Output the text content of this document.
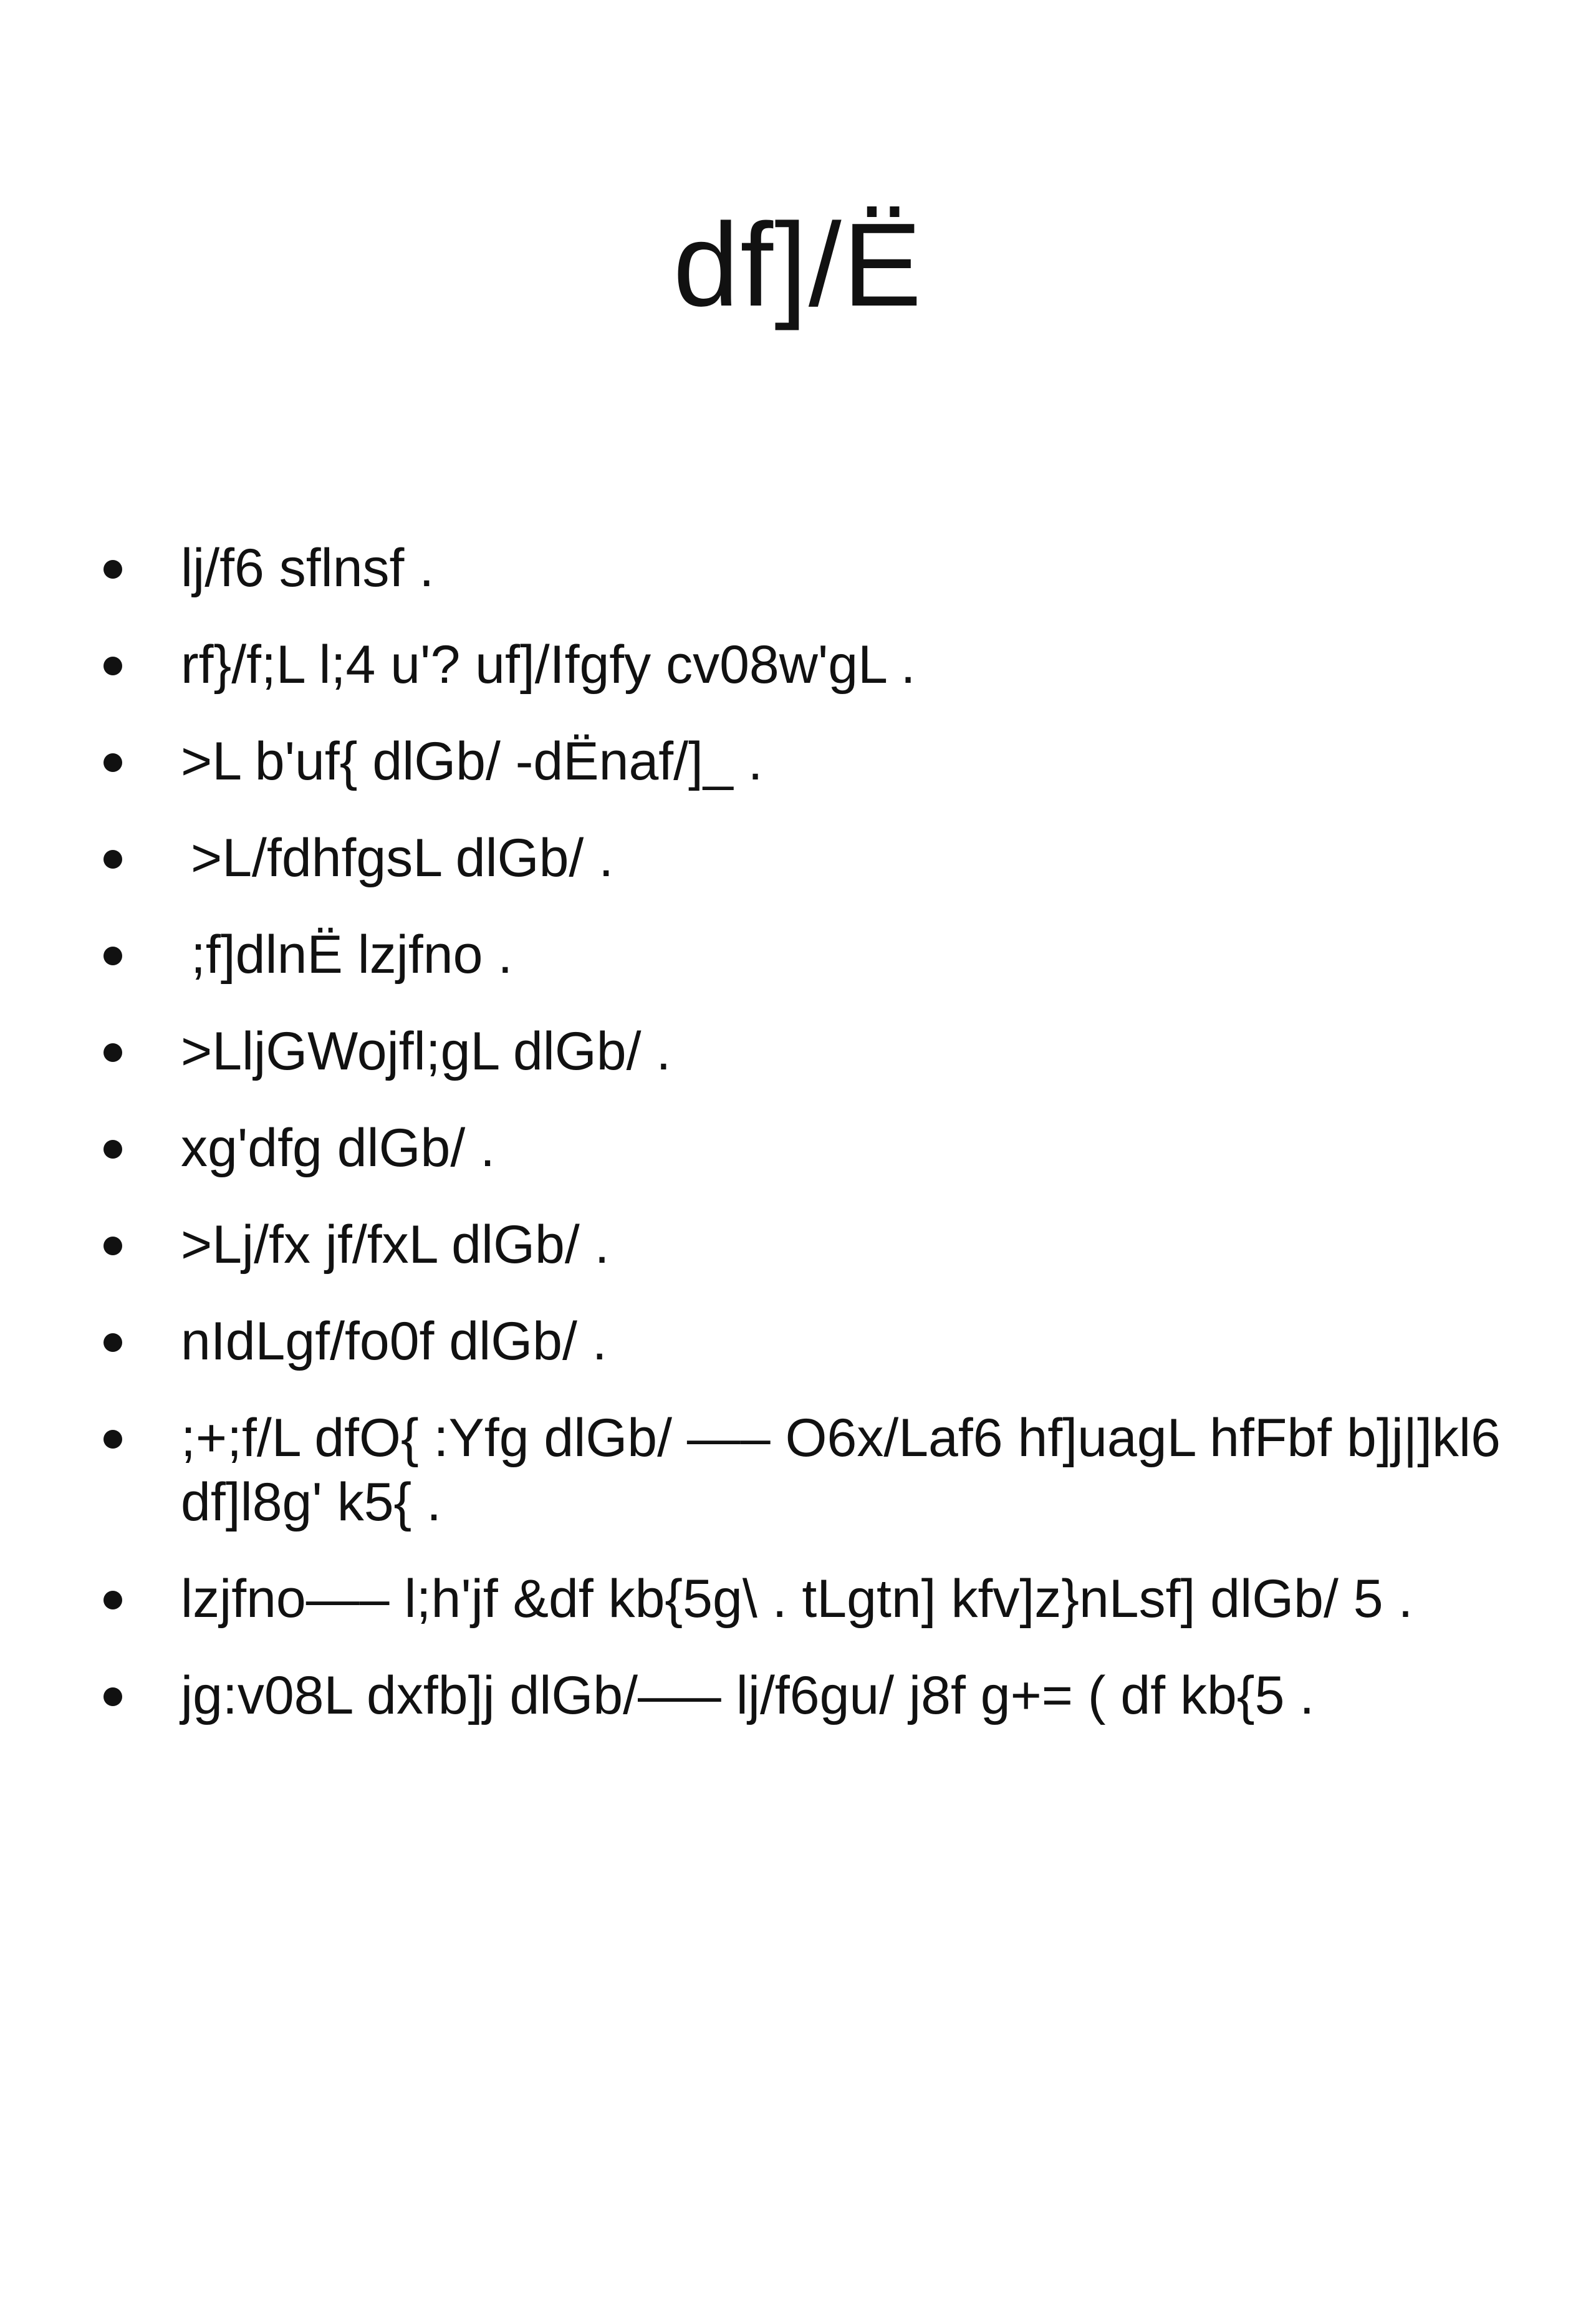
df]/Ë
lj/f6 sflnsf .
rf}/f;L l;4 u'? uf]/Ifgfy cv08w'gL .
>L b'uf{ dlGb/ -dËnaf/]_ .
>L/fdhfgsL dlGb/ .
;f]dlnË lzjfno .
>LljGWojfl;gL dlGb/ .
xg'dfg dlGb/ .
>Lj/fx jf/fxL dlGb/ .
nIdLgf/fo0f dlGb/ .
;+;f/L dfO{ :Yfg dlGb/ —– O6x/Laf6 hf]uagL hfFbf b]j|]kl6 df]l8g' k5{ .
lzjfno—– l;h'jf &df kb{5g\ . tLgtn] kfv]z}nLsf] dlGb/ 5 .
jg:v08L dxfb]j dlGb/—– lj/f6gu/ j8f g+= ( df kb{5 .
